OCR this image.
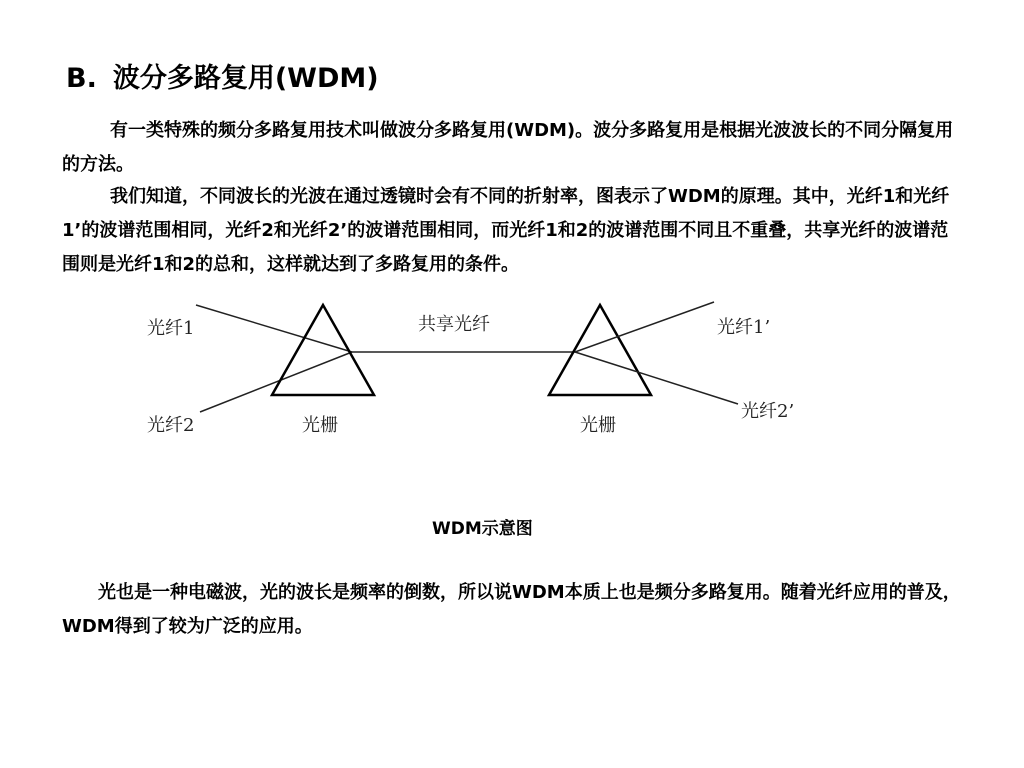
B. 波分多路复用(WDM)

有一类特殊的频分多路复用技术叫做波分多路复用(WDM)。波分多路复用是根据光波波长的不同分隔复用的方法。

我们知道，不同波长的光波在通过透镜时会有不同的折射率，图表示了WDM的原理。其中，光纤1和光纤1’的波谱范围相同，光纤2和光纤2’的波谱范围相同，而光纤1和2的波谱范围不同且不重叠，共享光纤的波谱范围则是光纤1和2的总和，这样就达到了多路复用的条件。

光纤1
光纤2
共享光纤	光纤1’
光纤2’
光栅	光栅
WDM示意图

光也是一种电磁波，光的波长是频率的倒数，所以说WDM本质上也是频分多路复用。随着光纤应用的普及，WDM得到了较为广泛的应用。
